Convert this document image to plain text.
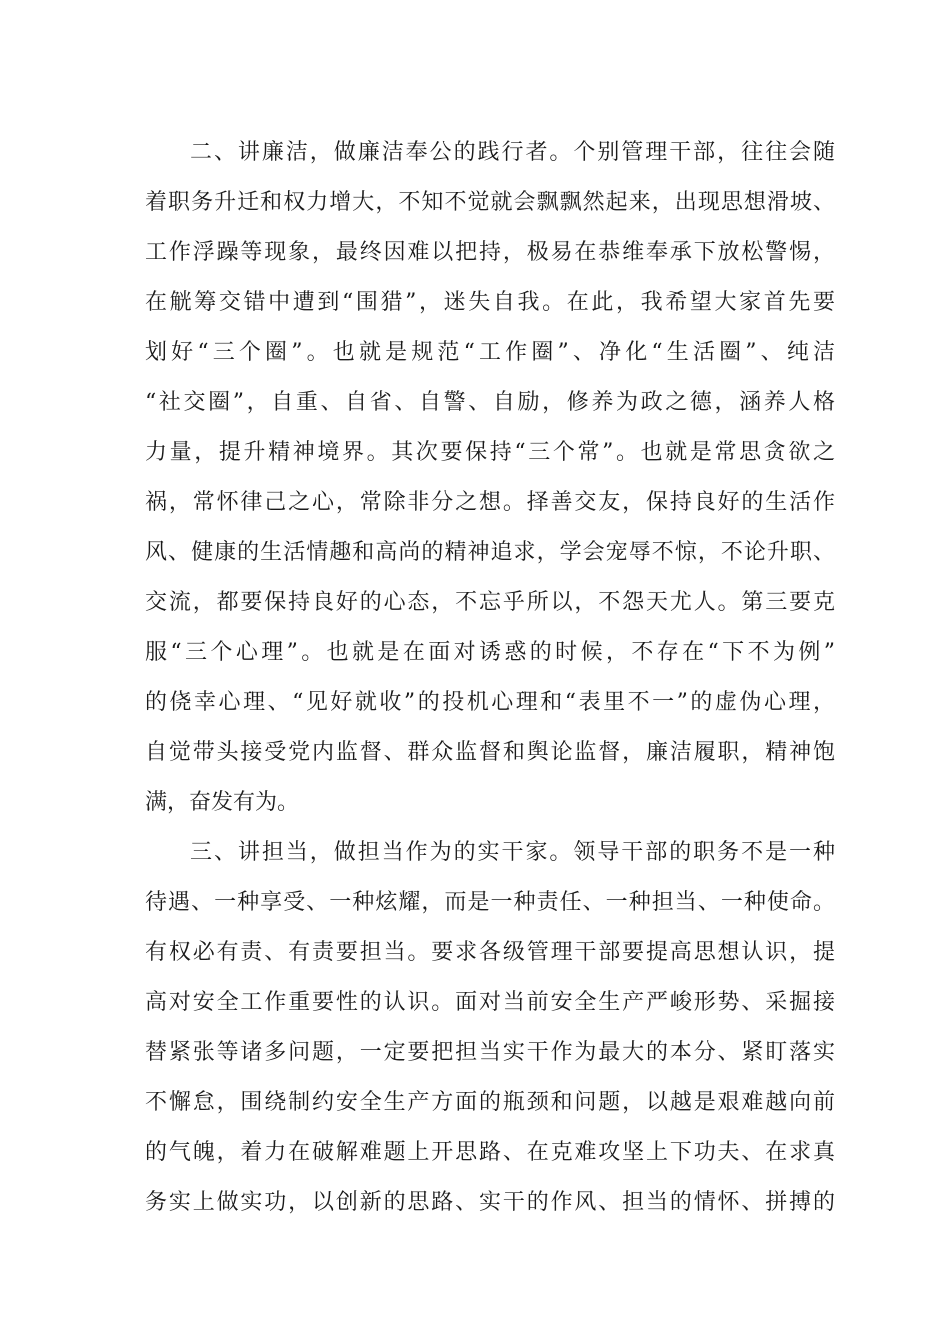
二、讲廉洁，做廉洁奉公的践行者。个别管理干部，往往会随
着职务升迁和权力增大，不知不觉就会飘飘然起来，出现思想滑坡、
工作浮躁等现象，最终因难以把持，极易在恭维奉承下放松警惕，
在觥筹交错中遭到“围猎”，迷失自我。在此，我希望大家首先要
划好“三个圈”。也就是规范“工作圈”、净化“生活圈”、纯洁
“社交圈”，自重、自省、自警、自励，修养为政之德，涵养人格
力量，提升精神境界。其次要保持“三个常”。也就是常思贪欲之
祸，常怀律己之心，常除非分之想。择善交友，保持良好的生活作
风、健康的生活情趣和高尚的精神追求，学会宠辱不惊，不论升职、
交流，都要保持良好的心态，不忘乎所以，不怨天尤人。第三要克
服“三个心理”。也就是在面对诱惑的时候，不存在“下不为例”
的侥幸心理、“见好就收”的投机心理和“表里不一”的虚伪心理，
自觉带头接受党内监督、群众监督和舆论监督，廉洁履职，精神饱
满，奋发有为。
三、讲担当，做担当作为的实干家。领导干部的职务不是一种
待遇、一种享受、一种炫耀，而是一种责任、一种担当、一种使命。
有权必有责、有责要担当。要求各级管理干部要提高思想认识，提
高对安全工作重要性的认识。面对当前安全生产严峻形势、采掘接
替紧张等诸多问题，一定要把担当实干作为最大的本分、紧盯落实
不懈怠，围绕制约安全生产方面的瓶颈和问题，以越是艰难越向前
的气魄，着力在破解难题上开思路、在克难攻坚上下功夫、在求真
务实上做实功，以创新的思路、实干的作风、担当的情怀、拼搏的
